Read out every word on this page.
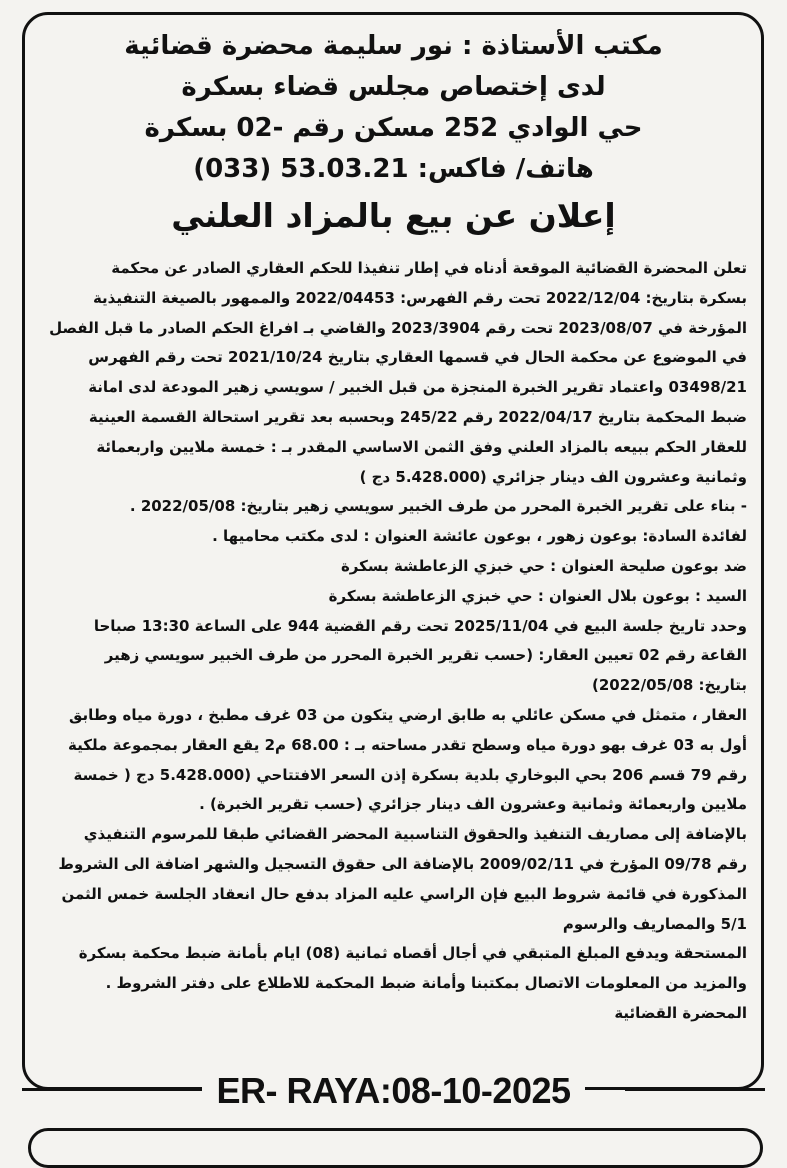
مكتب الأستاذة : نور سليمة محضرة قضائية
لدى إختصاص مجلس قضاء بسكرة
حي الوادي 252 مسكن رقم -02 بسكرة
هاتف/ فاكس: 53.03.21 (033)
إعلان عن بيع بالمزاد العلني
تعلن المحضرة القضائية الموقعة أدناه في إطار تنفيذا للحكم العقاري الصادر عن محكمة
بسكرة بتاريخ: 2022/12/04 تحت رقم الفهرس: 2022/04453 والممهور بالصيغة التنفيذية
المؤرخة في 2023/08/07 تحت رقم 2023/3904 والقاضي بـ افراغ الحكم الصادر ما قبل الفصل
في الموضوع عن محكمة الحال في قسمها العقاري بتاريخ 2021/10/24 تحت رقم الفهرس
03498/21 واعتماد تقرير الخبرة المنجزة من قبل الخبير / سويسي زهير المودعة لدى امانة
ضبط المحكمة بتاريخ 2022/04/17 رقم 245/22 وبحسبه بعد تقرير استحالة القسمة العينية
للعقار الحكم ببيعه بالمزاد العلني وفق الثمن الاساسي المقدر بـ : خمسة ملايين واربعمائة
وثمانية وعشرون الف دينار جزائري (5.428.000 دج )
- بناء على تقرير الخبرة المحرر من طرف الخبير سويسي زهير بتاريخ: 2022/05/08 .
لفائدة السادة: بوعون زهور ، بوعون عائشة العنوان : لدى مكتب محاميها .
ضد بوعون صليحة العنوان : حي خبزي الزعاطشة بسكرة
السيد : بوعون بلال العنوان : حي خبزي الزعاطشة بسكرة
وحدد تاريخ جلسة البيع في 2025/11/04 تحت رقم القضية 944 على الساعة 13:30 صباحا
القاعة رقم 02 تعيين العقار: (حسب تقرير الخبرة المحرر من طرف الخبير سويسي زهير
بتاريخ: 2022/05/08)
العقار ، متمثل في مسكن عائلي به طابق ارضي يتكون من 03 غرف مطبخ ، دورة مياه وطابق
أول به 03 غرف بهو دورة مياه وسطح تقدر مساحته بـ : 68.00 م2 يقع العقار بمجموعة ملكية
رقم 79 قسم 206 بحي البوخاري بلدية بسكرة إذن السعر الافتتاحي (5.428.000 دج ( خمسة
ملايين واربعمائة وثمانية وعشرون الف دينار جزائري (حسب تقرير الخبرة) .
بالإضافة إلى مصاريف التنفيذ والحقوق التناسبية المحضر القضائي طبقا للمرسوم التنفيذي
رقم 09/78 المؤرخ في 2009/02/11 بالإضافة الى حقوق التسجيل والشهر اضافة الى الشروط
المذكورة في قائمة شروط البيع فإن الراسي عليه المزاد بدفع حال انعقاد الجلسة خمس الثمن
5/1 والمصاريف والرسوم
المستحقة ويدفع المبلغ المتبقي في أجال أقصاه ثمانية (08) ايام بأمانة ضبط محكمة بسكرة
والمزيد من المعلومات الاتصال بمكتبنا وأمانة ضبط المحكمة للاطلاع على دفتر الشروط .
المحضرة القضائية
ER- RAYA:08-10-2025
